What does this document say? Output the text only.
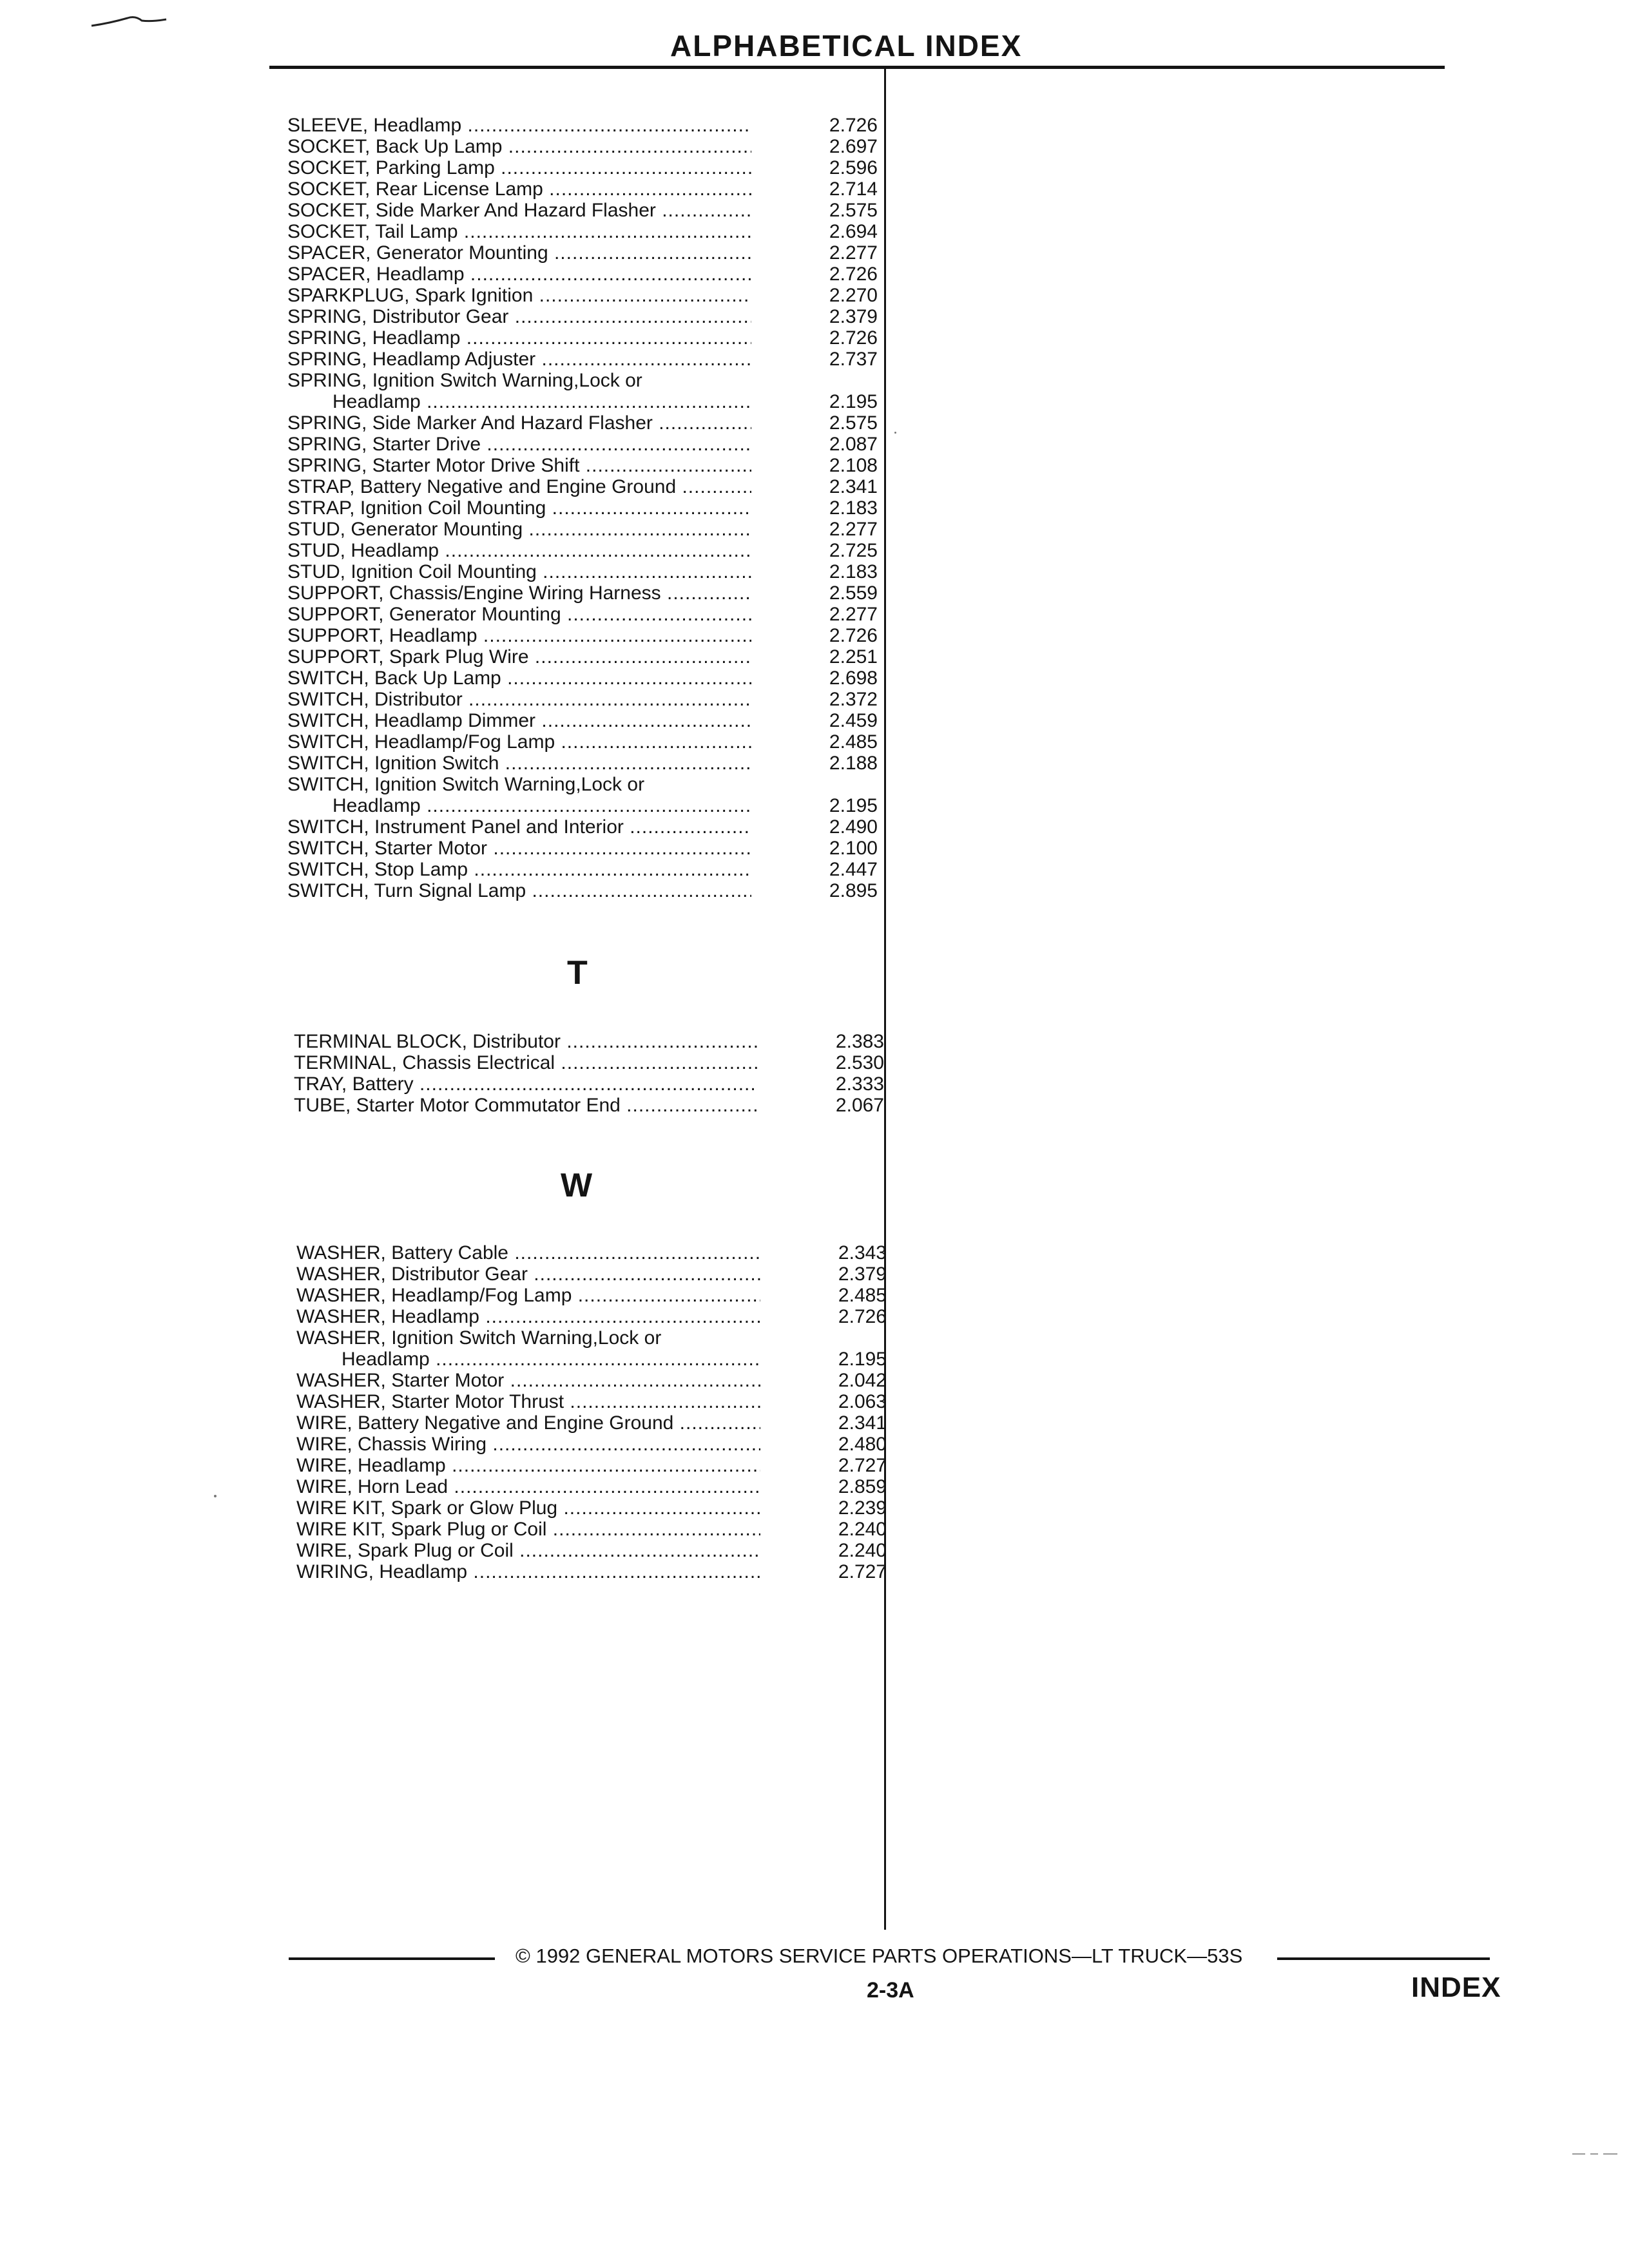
ALPHABETICAL INDEX
SLEEVE, Headlamp .....	2.726
SOCKET, Back Up Lamp .....	2.697
SOCKET, Parking Lamp .....	2.596
SOCKET, Rear License Lamp .....	2.714
SOCKET, Side Marker And Hazard Flasher .....	2.575
SOCKET, Tail Lamp .....	2.694
SPACER, Generator Mounting .....	2.277
SPACER, Headlamp .....	2.726
SPARKPLUG, Spark Ignition .....	2.270
SPRING, Distributor Gear .....	2.379
SPRING, Headlamp .....	2.726
SPRING, Headlamp Adjuster .....	2.737
SPRING, Ignition Switch Warning,Lock or
Headlamp .....	2.195
SPRING, Side Marker And Hazard Flasher .....	2.575
SPRING, Starter Drive .....	2.087
SPRING, Starter Motor Drive Shift .....	2.108
STRAP, Battery Negative and Engine Ground .....	2.341
STRAP, Ignition Coil Mounting .....	2.183
STUD, Generator Mounting .....	2.277
STUD, Headlamp .....	2.725
STUD, Ignition Coil Mounting .....	2.183
SUPPORT, Chassis/Engine Wiring Harness .....	2.559
SUPPORT, Generator Mounting .....	2.277
SUPPORT, Headlamp .....	2.726
SUPPORT, Spark Plug Wire .....	2.251
SWITCH, Back Up Lamp .....	2.698
SWITCH, Distributor .....	2.372
SWITCH, Headlamp Dimmer .....	2.459
SWITCH, Headlamp/Fog Lamp .....	2.485
SWITCH, Ignition Switch .....	2.188
SWITCH, Ignition Switch Warning,Lock or
Headlamp .....	2.195
SWITCH, Instrument Panel and Interior .....	2.490
SWITCH, Starter Motor .....	2.100
SWITCH, Stop Lamp .....	2.447
SWITCH, Turn Signal Lamp .....	2.895
T
TERMINAL BLOCK, Distributor .....	2.383
TERMINAL, Chassis Electrical .....	2.530
TRAY, Battery .....	2.333
TUBE, Starter Motor Commutator End .....	2.067
W
WASHER, Battery Cable .....	2.343
WASHER, Distributor Gear .....	2.379
WASHER, Headlamp/Fog Lamp .....	2.485
WASHER, Headlamp .....	2.726
WASHER, Ignition Switch Warning,Lock or
Headlamp .....	2.195
WASHER, Starter Motor .....	2.042
WASHER, Starter Motor Thrust .....	2.063
WIRE, Battery Negative and Engine Ground .....	2.341
WIRE, Chassis Wiring .....	2.480
WIRE, Headlamp .....	2.727
WIRE, Horn Lead .....	2.859
WIRE KIT, Spark or Glow Plug .....	2.239
WIRE KIT, Spark Plug or Coil .....	2.240
WIRE, Spark Plug or Coil .....	2.240
WIRING, Headlamp .....	2.727
© 1992 GENERAL MOTORS SERVICE PARTS OPERATIONS—LT TRUCK—53S
2-3A	INDEX
